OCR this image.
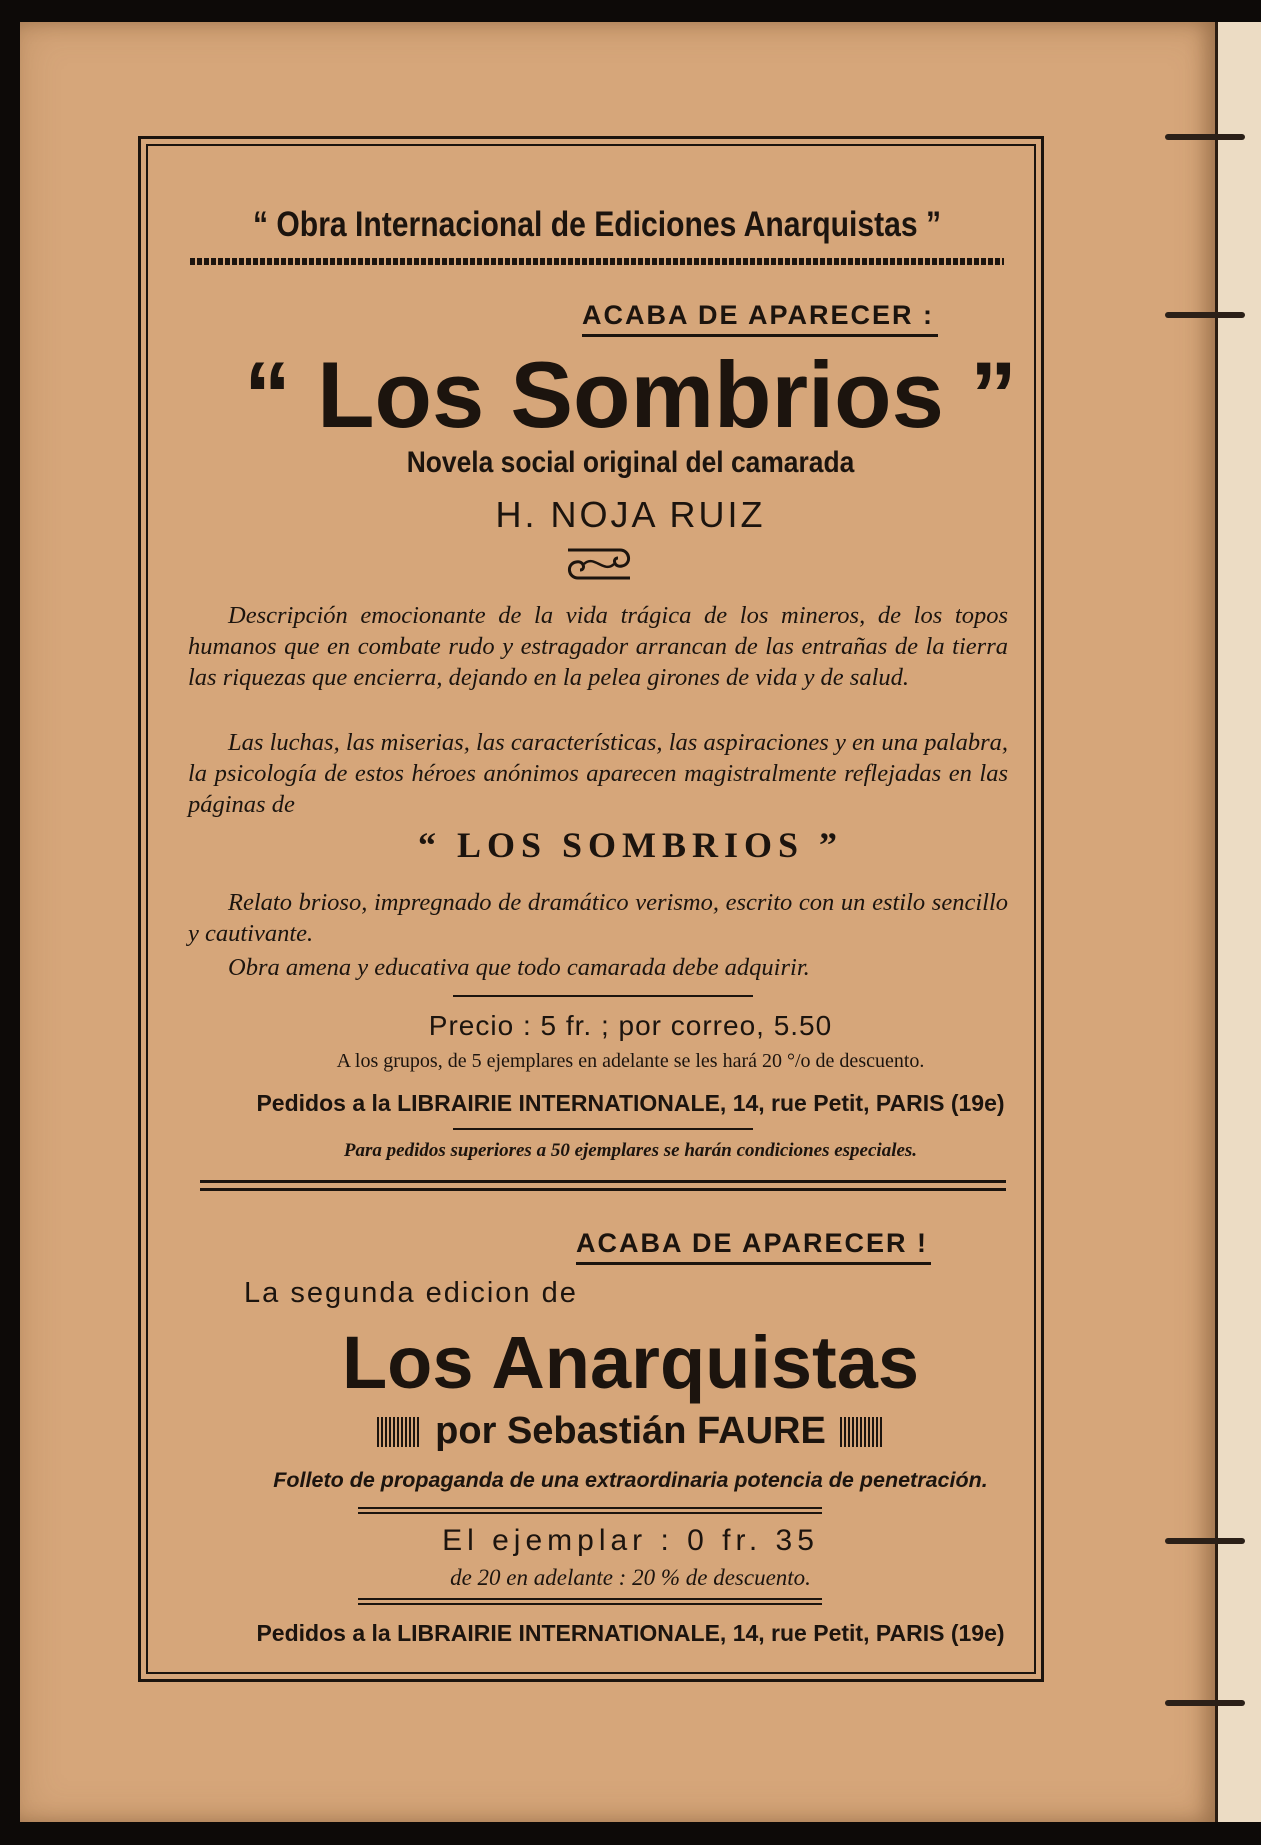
“ Obra Internacional de Ediciones Anarquistas ”
ACABA DE APARECER :
“ Los Sombrios ”
Novela social original del camarada
H. NOJA RUIZ
Descripción emocionante de la vida trágica de los mineros, de los topos humanos que en combate rudo y estragador arrancan de las entrañas de la tierra las riquezas que encierra, dejando en la pelea girones de vida y de salud.
Las luchas, las miserias, las características, las aspiraciones y en una palabra, la psicología de estos héroes anónimos aparecen magistralmente reflejadas en las páginas de
“ LOS SOMBRIOS ”
Relato brioso, impregnado de dramático verismo, escrito con un estilo sencillo y cautivante.
Obra amena y educativa que todo camarada debe adquirir.
Precio : 5 fr. ; por correo, 5.50
A los grupos, de 5 ejemplares en adelante se les hará 20 °/o de descuento.
Pedidos a la LIBRAIRIE INTERNATIONALE, 14, rue Petit, PARIS (19e)
Para pedidos superiores a 50 ejemplares se harán condiciones especiales.
ACABA DE APARECER !
La segunda edicion de
Los Anarquistas
por Sebastián FAURE
Folleto de propaganda de una extraordinaria potencia de penetración.
El ejemplar : 0 fr. 35
de 20 en adelante : 20 % de descuento.
Pedidos a la LIBRAIRIE INTERNATIONALE, 14, rue Petit, PARIS (19e)
